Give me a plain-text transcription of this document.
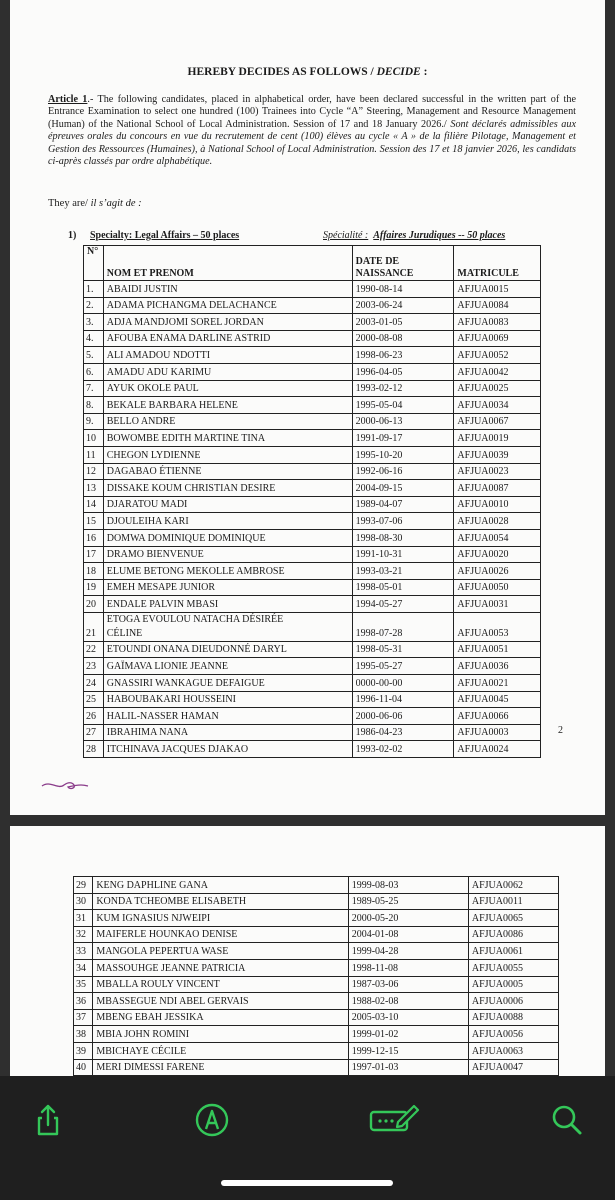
HEREBY DECIDES AS FOLLOWS / DECIDE :
Article 1.- The following candidates, placed in alphabetical order, have been declared successful in the written part of the Entrance Examination to select one hundred (100) Trainees into Cycle “A” Steering, Management and Resource Management (Human) of the National School of Local Administration. Session of 17 and 18 January 2026./ Sont déclarés admissibles aux épreuves orales du concours en vue du recrutement de cent (100) élèves au cycle « A » de la filière Pilotage, Management et Gestion des Ressources (Humaines), à National School of Local Administration. Session des 17 et 18 janvier 2026, les candidats ci-après classés par ordre alphabétique.
They are/ il s’agit de :
1) Specialty: Legal Affairs – 50 places	Spécialité : Affaires Jurudiques -- 50 places
N°	NOM ET PRENOM	DATE DE NAISSANCE	MATRICULE
1.	ABAIDI JUSTIN	1990-08-14	AFJUA0015
2.	ADAMA PICHANGMA DELACHANCE	2003-06-24	AFJUA0084
3.	ADJA MANDJOMI SOREL JORDAN	2003-01-05	AFJUA0083
4.	AFOUBA ENAMA DARLINE ASTRID	2000-08-08	AFJUA0069
5.	ALI AMADOU NDOTTI	1998-06-23	AFJUA0052
6.	AMADU ADU KARIMU	1996-04-05	AFJUA0042
7.	AYUK OKOLE PAUL	1993-02-12	AFJUA0025
8.	BEKALE BARBARA HELENE	1995-05-04	AFJUA0034
9.	BELLO ANDRE	2000-06-13	AFJUA0067
10	BOWOMBE EDITH MARTINE TINA	1991-09-17	AFJUA0019
11	CHEGON LYDIENNE	1995-10-20	AFJUA0039
12	DAGABAO ÉTIENNE	1992-06-16	AFJUA0023
13	DISSAKE KOUM CHRISTIAN DESIRE	2004-09-15	AFJUA0087
14	DJARATOU MADI	1989-04-07	AFJUA0010
15	DJOULEIHA KARI	1993-07-06	AFJUA0028
16	DOMWA DOMINIQUE DOMINIQUE	1998-08-30	AFJUA0054
17	DRAMO BIENVENUE	1991-10-31	AFJUA0020
18	ELUME BETONG MEKOLLE AMBROSE	1993-03-21	AFJUA0026
19	EMEH MESAPE JUNIOR	1998-05-01	AFJUA0050
20	ENDALE PALVIN MBASI	1994-05-27	AFJUA0031
21	ETOGA EVOULOU NATACHA DÉSIRÉE
CÉLINE	1998-07-28	AFJUA0053
22	ETOUNDI ONANA DIEUDONNÉ DARYL	1998-05-31	AFJUA0051
23	GAÏMAVA LIONIE JEANNE	1995-05-27	AFJUA0036
24	GNASSIRI WANKAGUE DEFAIGUE	0000-00-00	AFJUA0021
25	HABOUBAKARI HOUSSEINI	1996-11-04	AFJUA0045
26	HALIL-NASSER HAMAN	2000-06-06	AFJUA0066
27	IBRAHIMA NANA	1986-04-23	AFJUA0003
28	ITCHINAVA JACQUES DJAKAO	1993-02-02	AFJUA0024
2
29	KENG DAPHLINE GANA	1999-08-03	AFJUA0062
30	KONDA TCHEOMBE ELISABETH	1989-05-25	AFJUA0011
31	KUM IGNASIUS NJWEIPI	2000-05-20	AFJUA0065
32	MAIFERLE HOUNKAO DENISE	2004-01-08	AFJUA0086
33	MANGOLA PEPERTUA WASE	1999-04-28	AFJUA0061
34	MASSOUHGE JEANNE PATRICIA	1998-11-08	AFJUA0055
35	MBALLA ROULY VINCENT	1987-03-06	AFJUA0005
36	MBASSEGUE NDI ABEL GERVAIS	1988-02-08	AFJUA0006
37	MBENG EBAH JESSIKA	2005-03-10	AFJUA0088
38	MBIA JOHN ROMINI	1999-01-02	AFJUA0056
39	MBICHAYE CÉCILE	1999-12-15	AFJUA0063
40	MERI DIMESSI FARENE	1997-01-03	AFJUA0047
